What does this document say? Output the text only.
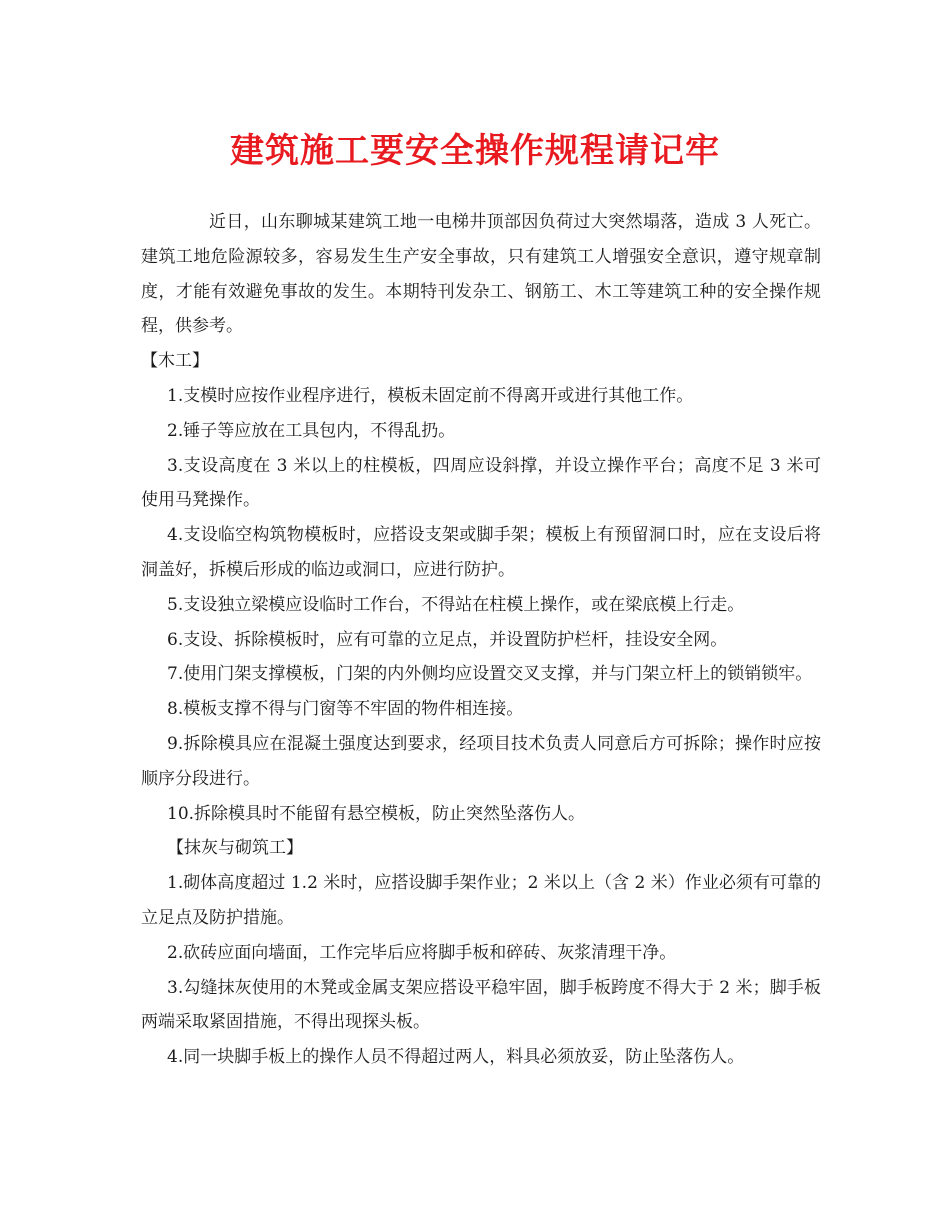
建筑施工要安全操作规程请记牢

近日，山东聊城某建筑工地一电梯井顶部因负荷过大突然塌落，造成 3 人死亡。建筑工地危险源较多，容易发生生产安全事故，只有建筑工人增强安全意识，遵守规章制度，才能有效避免事故的发生。本期特刊发杂工、钢筋工、木工等建筑工种的安全操作规程，供参考。

【木工】

1.支模时应按作业程序进行，模板未固定前不得离开或进行其他工作。

2.锤子等应放在工具包内，不得乱扔。

3.支设高度在 3 米以上的柱模板，四周应设斜撑，并设立操作平台；高度不足 3 米可使用马凳操作。

4.支设临空构筑物模板时，应搭设支架或脚手架；模板上有预留洞口时，应在支设后将洞盖好，拆模后形成的临边或洞口，应进行防护。

5.支设独立梁模应设临时工作台，不得站在柱模上操作，或在梁底模上行走。

6.支设、拆除模板时，应有可靠的立足点，并设置防护栏杆，挂设安全网。

7.使用门架支撑模板，门架的内外侧均应设置交叉支撑，并与门架立杆上的锁销锁牢。

8.模板支撑不得与门窗等不牢固的物件相连接。

9.拆除模具应在混凝土强度达到要求，经项目技术负责人同意后方可拆除；操作时应按顺序分段进行。

10.拆除模具时不能留有悬空模板，防止突然坠落伤人。

【抹灰与砌筑工】

1.砌体高度超过 1.2 米时，应搭设脚手架作业；2 米以上（含 2 米）作业必须有可靠的立足点及防护措施。

2.砍砖应面向墙面，工作完毕后应将脚手板和碎砖、灰浆清理干净。

3.勾缝抹灰使用的木凳或金属支架应搭设平稳牢固，脚手板跨度不得大于 2 米；脚手板两端采取紧固措施，不得出现探头板。

4.同一块脚手板上的操作人员不得超过两人，料具必须放妥，防止坠落伤人。
